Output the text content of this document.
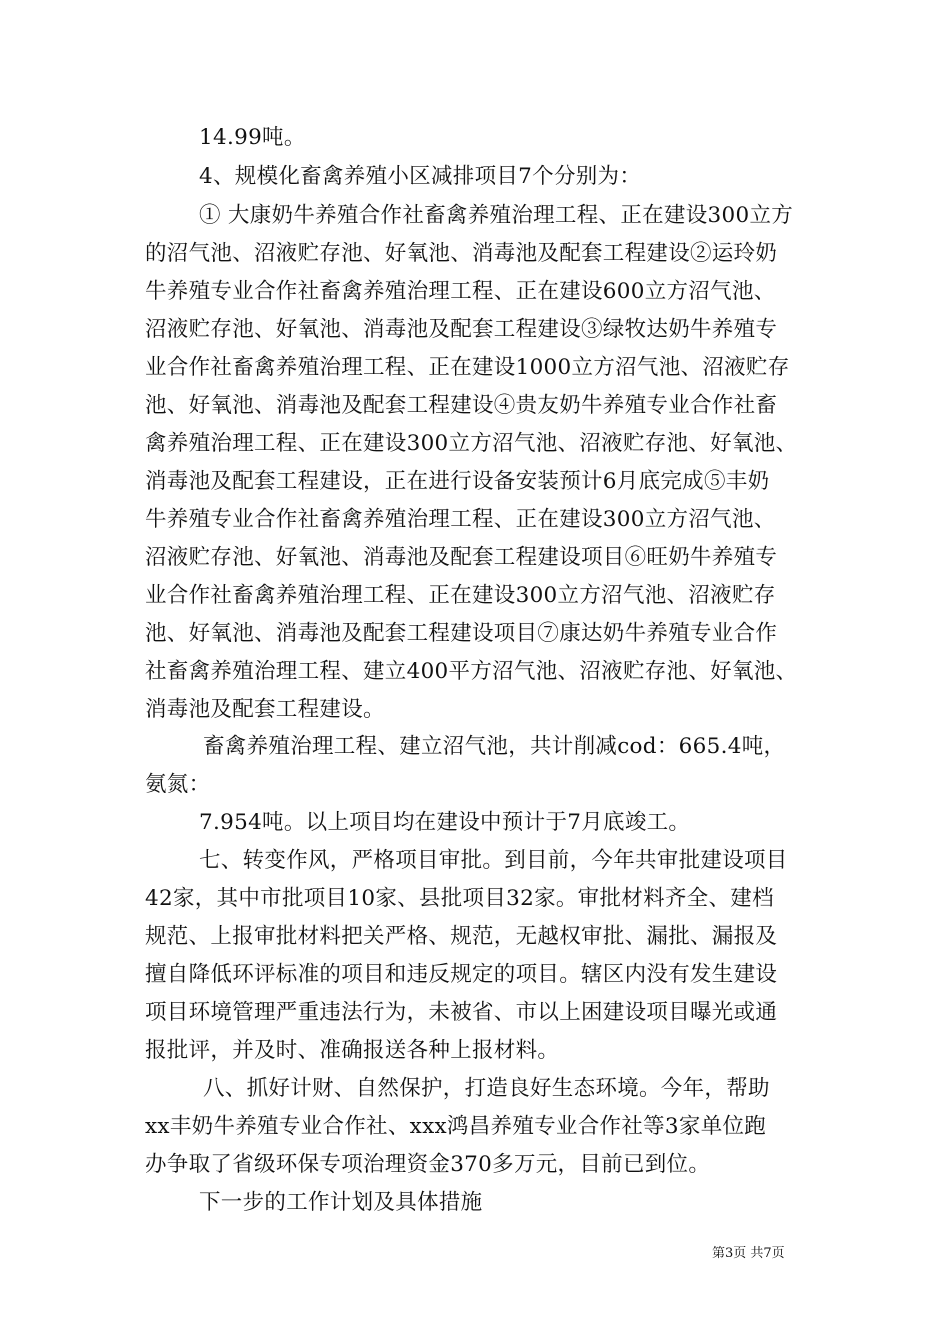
14.99吨。
4、规模化畜禽养殖小区减排项目7个分别为：
① 大康奶牛养殖合作社畜禽养殖治理工程、正在建设300立方
的沼气池、沼液贮存池、好氧池、消毒池及配套工程建设②运玲奶
牛养殖专业合作社畜禽养殖治理工程、正在建设600立方沼气池、
沼液贮存池、好氧池、消毒池及配套工程建设③绿牧达奶牛养殖专
业合作社畜禽养殖治理工程、正在建设1000立方沼气池、沼液贮存
池、好氧池、消毒池及配套工程建设④贵友奶牛养殖专业合作社畜
禽养殖治理工程、正在建设300立方沼气池、沼液贮存池、好氧池、
消毒池及配套工程建设，正在进行设备安装预计6月底完成⑤丰奶
牛养殖专业合作社畜禽养殖治理工程、正在建设300立方沼气池、
沼液贮存池、好氧池、消毒池及配套工程建设项目⑥旺奶牛养殖专
业合作社畜禽养殖治理工程、正在建设300立方沼气池、沼液贮存
池、好氧池、消毒池及配套工程建设项目⑦康达奶牛养殖专业合作
社畜禽养殖治理工程、建立400平方沼气池、沼液贮存池、好氧池、
消毒池及配套工程建设。
畜禽养殖治理工程、建立沼气池，共计削减cod：665.4吨，
氨氮：
7.954吨。以上项目均在建设中预计于7月底竣工。
七、转变作风，严格项目审批。到目前，今年共审批建设项目
42家，其中市批项目10家、县批项目32家。审批材料齐全、建档
规范、上报审批材料把关严格、规范，无越权审批、漏批、漏报及
擅自降低环评标准的项目和违反规定的项目。辖区内没有发生建设
项目环境管理严重违法行为，未被省、市以上困建设项目曝光或通
报批评，并及时、准确报送各种上报材料。
八、抓好计财、自然保护，打造良好生态环境。今年，帮助
xx丰奶牛养殖专业合作社、xxx鸿昌养殖专业合作社等3家单位跑
办争取了省级环保专项治理资金370多万元，目前已到位。
下一步的工作计划及具体措施
第3页 共7页
